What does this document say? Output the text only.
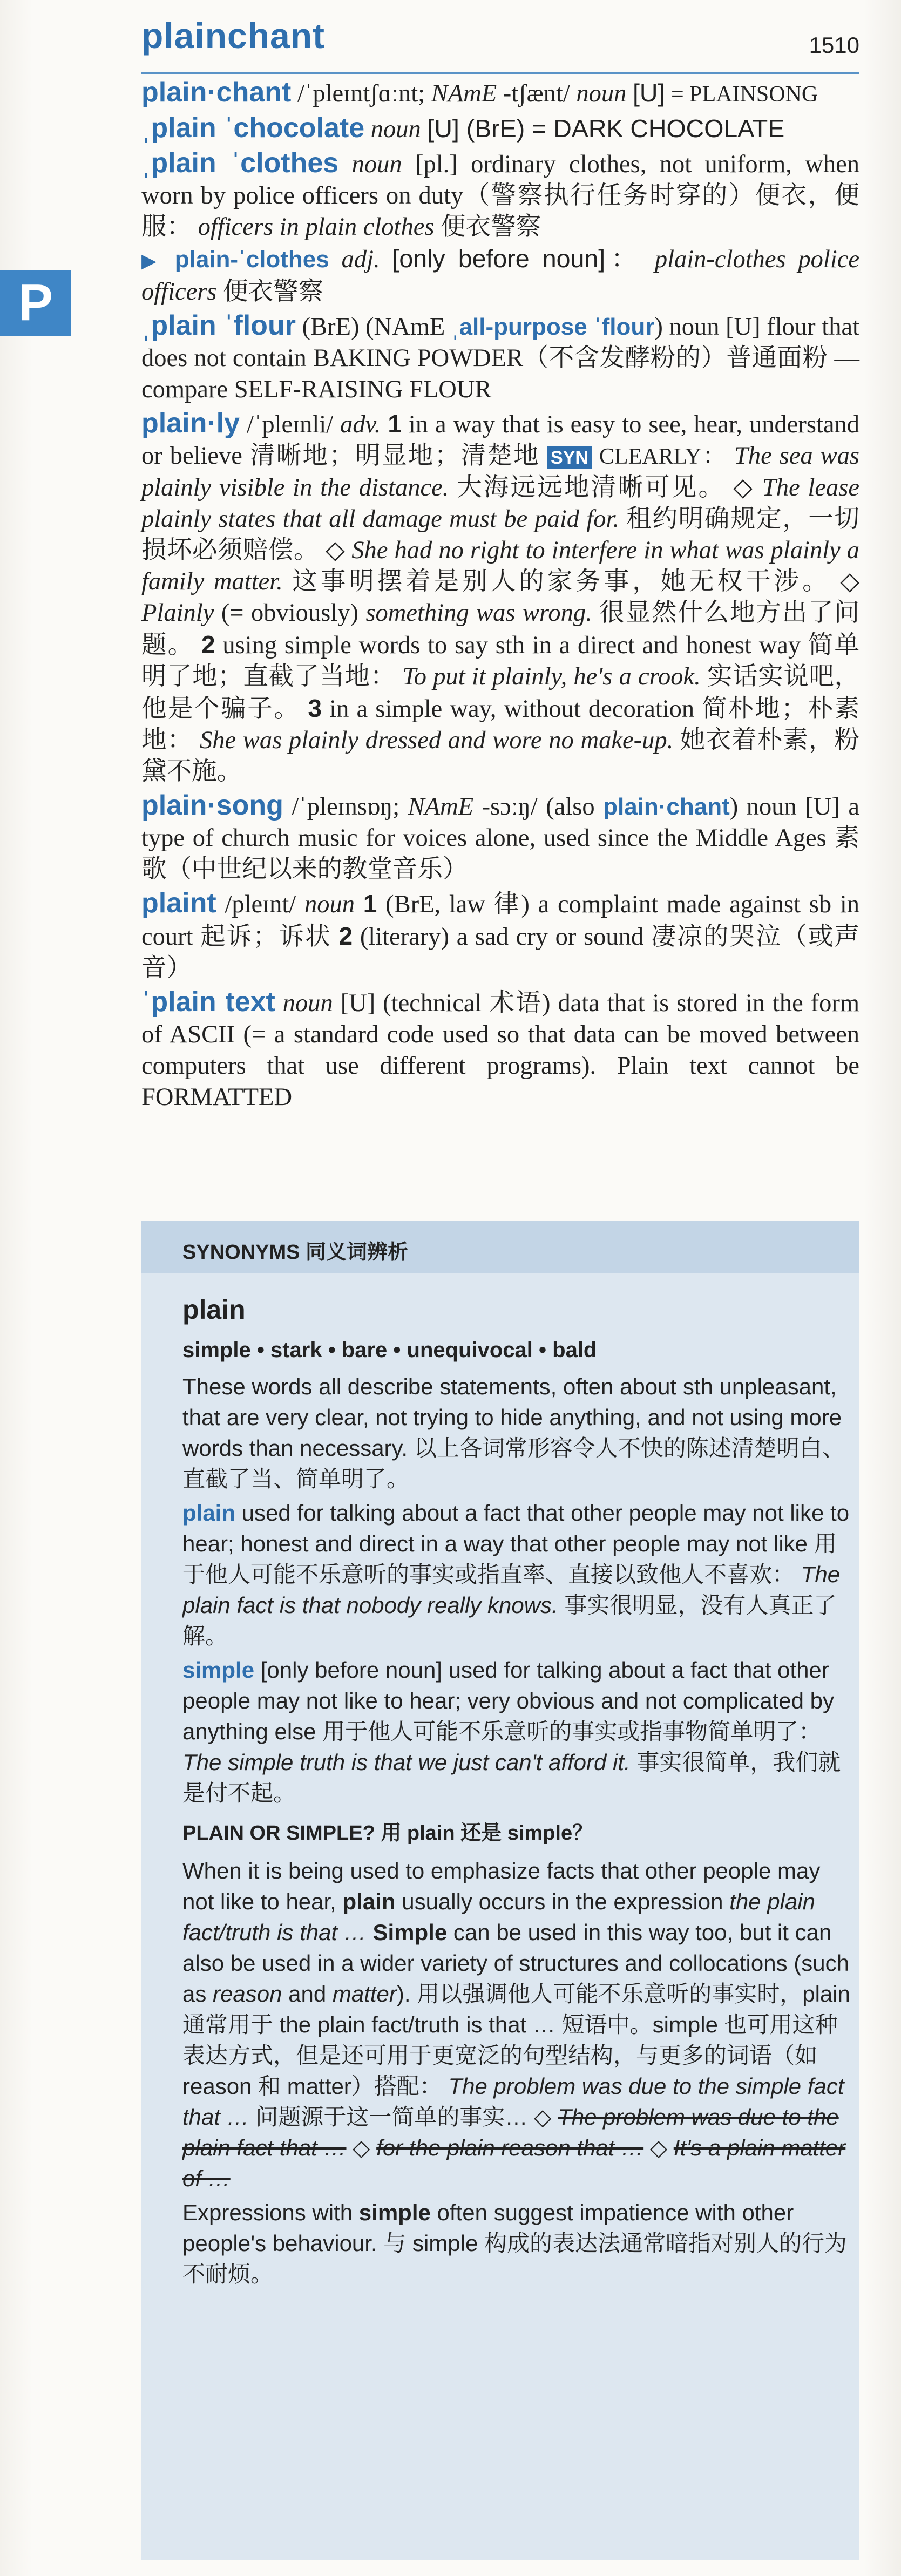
plainchant	1510
P

plain·chant /ˈpleɪntʃɑːnt; NAmE -tʃænt/ noun [U] = PLAINSONG

ˌplain ˈchocolate noun [U] (BrE) = DARK CHOCOLATE

ˌplain ˈclothes noun [pl.] ordinary clothes, not uniform, when worn by police officers on duty（警察执行任务时穿的）便衣，便服： officers in plain clothes 便衣警察

▶ plain-ˈclothes adj. [only before noun]： plain-clothes police officers 便衣警察

ˌplain ˈflour (BrE) (NAmE ˌall-purpose ˈflour) noun [U] flour that does not contain BAKING POWDER（不含发酵粉的）普通面粉 — compare SELF-RAISING FLOUR

plain·ly /ˈpleɪnli/ adv. 1 in a way that is easy to see, hear, understand or believe 清晰地；明显地；清楚地 SYN CLEARLY： The sea was plainly visible in the distance. 大海远远地清晰可见。 ◇ The lease plainly states that all damage must be paid for. 租约明确规定，一切损坏必须赔偿。 ◇ She had no right to interfere in what was plainly a family matter. 这事明摆着是别人的家务事，她无权干涉。 ◇ Plainly (= obviously) something was wrong. 很显然什么地方出了问题。 2 using simple words to say sth in a direct and honest way 简单明了地；直截了当地： To put it plainly, he's a crook. 实话实说吧，他是个骗子。 3 in a simple way, without decoration 简朴地；朴素地： She was plainly dressed and wore no make-up. 她衣着朴素，粉黛不施。

plain·song /ˈpleɪnsɒŋ; NAmE -sɔːŋ/ (also plain·chant) noun [U] a type of church music for voices alone, used since the Middle Ages 素歌（中世纪以来的教堂音乐）

plaint /pleɪnt/ noun 1 (BrE, law 律) a complaint made against sb in court 起诉；诉状 2 (literary) a sad cry or sound 凄凉的哭泣（或声音）

ˈplain text noun [U] (technical 术语) data that is stored in the form of ASCII (= a standard code used so that data can be moved between computers that use different programs). Plain text cannot be FORMATTED

SYNONYMS 同义词辨析

plain

simple • stark • bare • unequivocal • bald

These words all describe statements, often about sth unpleasant, that are very clear, not trying to hide anything, and not using more words than necessary. 以上各词常形容令人不快的陈述清楚明白、直截了当、简单明了。

plain used for talking about a fact that other people may not like to hear; honest and direct in a way that other people may not like 用于他人可能不乐意听的事实或指直率、直接以致他人不喜欢： The plain fact is that nobody really knows. 事实很明显，没有人真正了解。

simple [only before noun] used for talking about a fact that other people may not like to hear; very obvious and not complicated by anything else 用于他人可能不乐意听的事实或指事物简单明了： The simple truth is that we just can't afford it. 事实很简单，我们就是付不起。

PLAIN OR SIMPLE? 用 plain 还是 simple？

When it is being used to emphasize facts that other people may not like to hear, plain usually occurs in the expression the plain fact/truth is that … Simple can be used in this way too, but it can also be used in a wider variety of structures and collocations (such as reason and matter). 用以强调他人可能不乐意听的事实时，plain 通常用于 the plain fact/truth is that … 短语中。simple 也可用这种表达方式，但是还可用于更宽泛的句型结构，与更多的词语（如 reason 和 matter）搭配： The problem was due to the simple fact that … 问题源于这一简单的事实… ◇ The problem was due to the plain fact that … ◇ for the plain reason that … ◇ It's a plain matter of …

Expressions with simple often suggest impatience with other people's behaviour. 与 simple 构成的表达法通常暗指对别人的行为不耐烦。
